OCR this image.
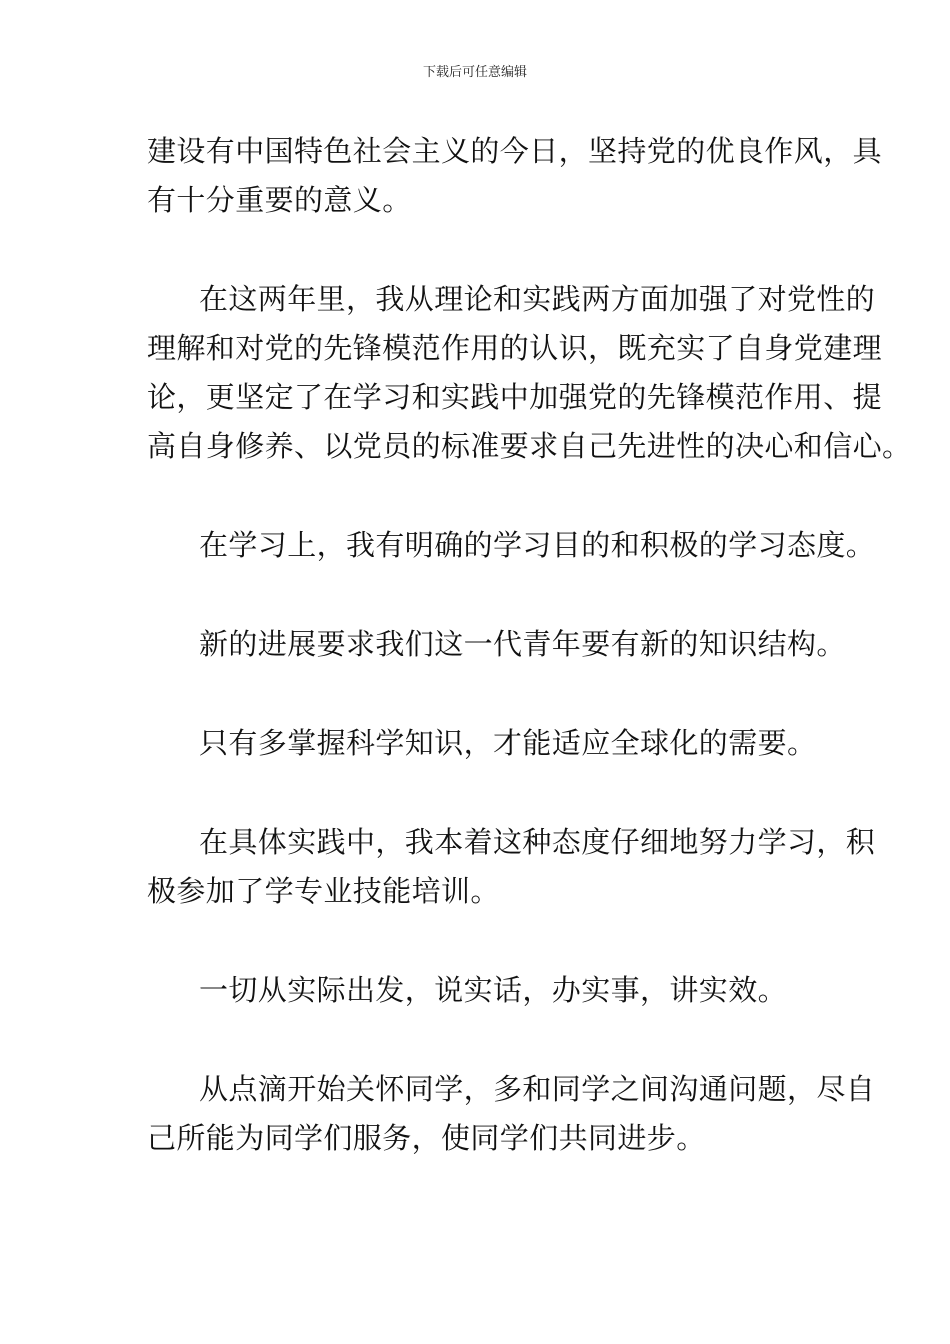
下载后可任意编辑
建设有中国特色社会主义的今日，坚持党的优良作风，具
有十分重要的意义。
在这两年里，我从理论和实践两方面加强了对党性的
理解和对党的先锋模范作用的认识，既充实了自身党建理
论，更坚定了在学习和实践中加强党的先锋模范作用、提
高自身修养、以党员的标准要求自己先进性的决心和信心。
在学习上，我有明确的学习目的和积极的学习态度。
新的进展要求我们这一代青年要有新的知识结构。
只有多掌握科学知识，才能适应全球化的需要。
在具体实践中，我本着这种态度仔细地努力学习，积
极参加了学专业技能培训。
一切从实际出发，说实话，办实事，讲实效。
从点滴开始关怀同学，多和同学之间沟通问题，尽自
己所能为同学们服务，使同学们共同进步。
